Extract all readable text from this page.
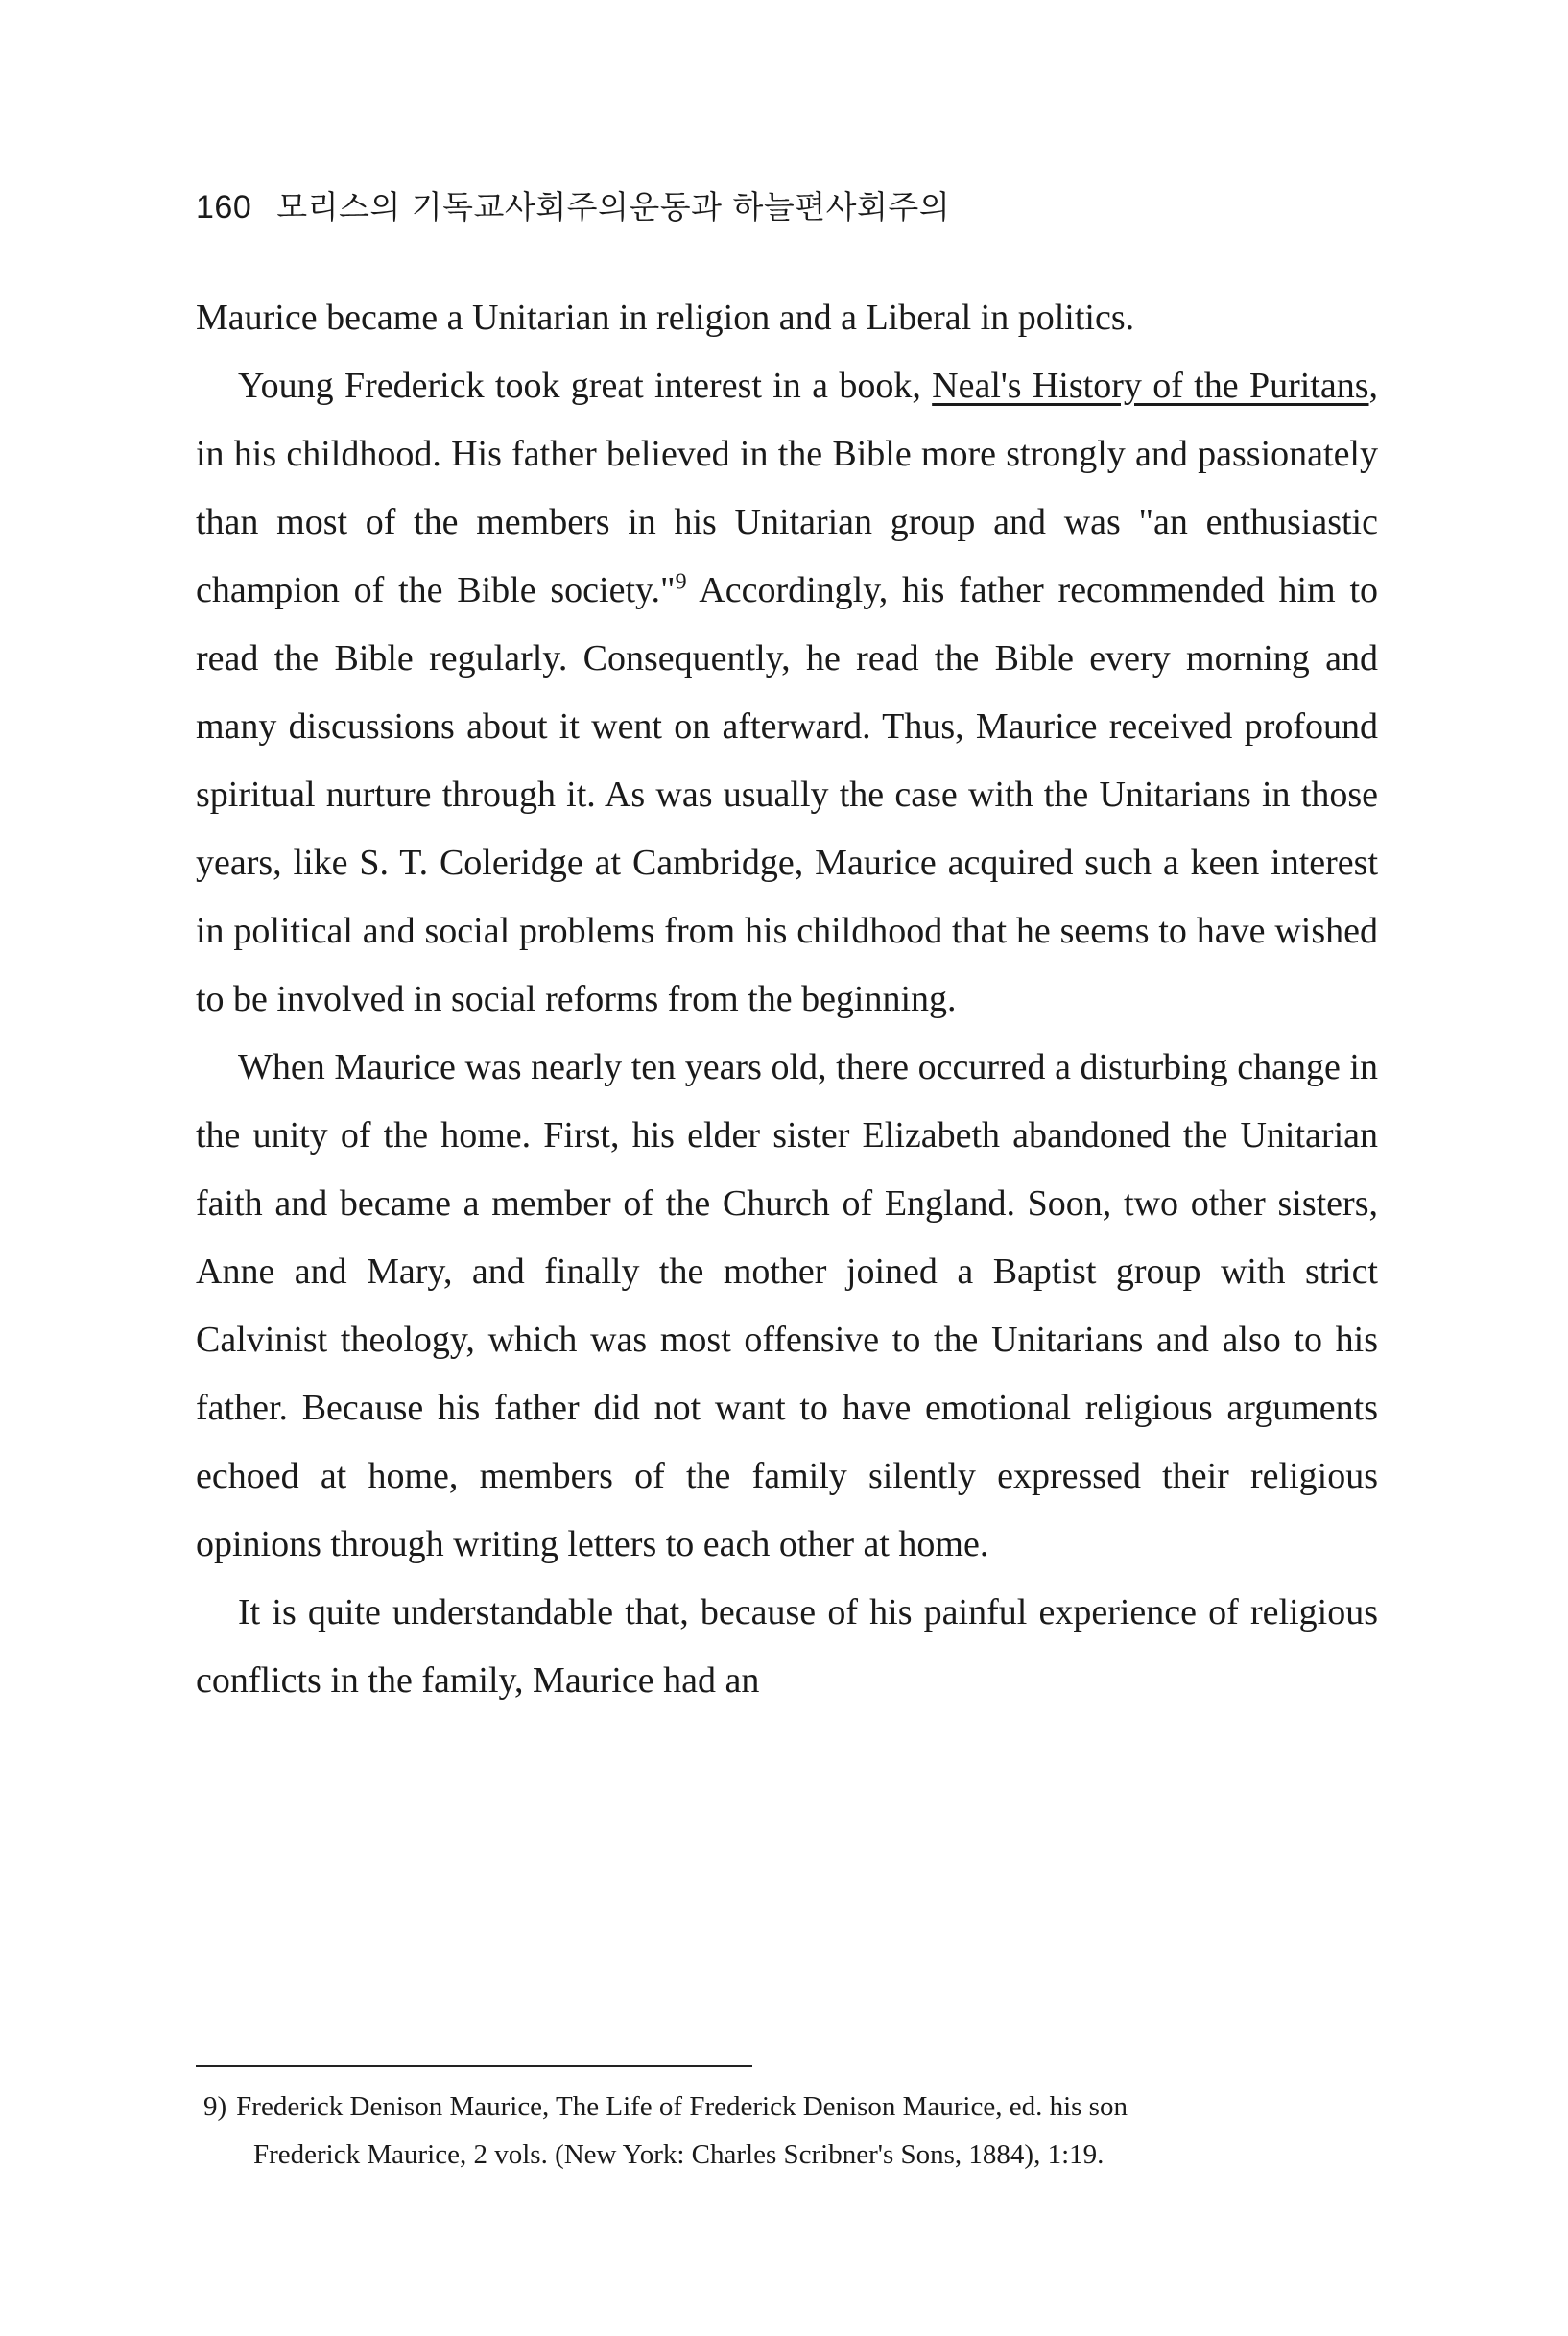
160 모리스의 기독교사회주의운동과 하늘편사회주의

Maurice became a Unitarian in religion and a Liberal in politics.

Young Frederick took great interest in a book, Neal's History of the Puritans, in his childhood. His father believed in the Bible more strongly and passionately than most of the members in his Unitarian group and was "an enthusiastic champion of the Bible society."$^9$ Accordingly, his father recommended him to read the Bible regularly. Consequently, he read the Bible every morning and many discussions about it went on afterward. Thus, Maurice received profound spiritual nurture through it. As was usually the case with the Unitarians in those years, like S. T. Coleridge at Cambridge, Maurice acquired such a keen interest in political and social problems from his childhood that he seems to have wished to be involved in social reforms from the beginning.

When Maurice was nearly ten years old, there occurred a disturbing change in the unity of the home. First, his elder sister Elizabeth abandoned the Unitarian faith and became a member of the Church of England. Soon, two other sisters, Anne and Mary, and finally the mother joined a Baptist group with strict Calvinist theology, which was most offensive to the Unitarians and also to his father. Because his father did not want to have emotional religious arguments echoed at home, members of the family silently expressed their religious opinions through writing letters to each other at home.

It is quite understandable that, because of his painful experience of religious conflicts in the family, Maurice had an

9) Frederick Denison Maurice, The Life of Frederick Denison Maurice, ed. his son
Frederick Maurice, 2 vols. (New York: Charles Scribner's Sons, 1884), 1:19.
